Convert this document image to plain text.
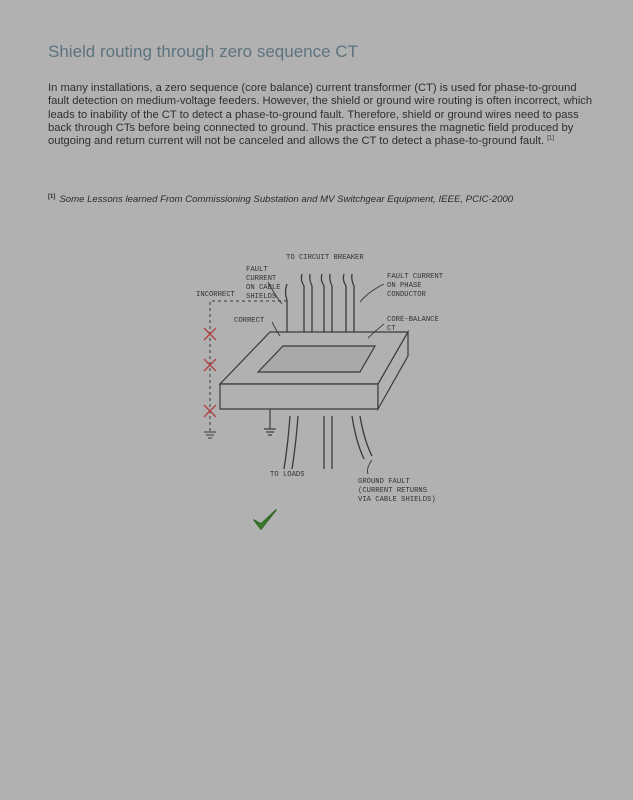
Shield routing through zero sequence CT

In many installations, a zero sequence (core balance) current transformer (CT) is used for phase-to-ground fault detection on medium-voltage feeders. However, the shield or ground wire routing is often incorrect, which leads to inability of the CT to detect a phase-to-ground fault. Therefore, shield or ground wires need to pass back through CTs before being connected to ground. This practice ensures the magnetic field produced by outgoing and return current will not be canceled and allows the CT to detect a phase-to-ground fault. [1]

[1] Some Lessons learned From Commissioning Substation and MV Switchgear Equipment, IEEE, PCIC-2000

TO CIRCUIT BREAKER
FAULT CURRENT ON CABLE SHIELDS
FAULT CURRENT ON PHASE CONDUCTOR
INCORRECT
CORRECT	CORE-BALANCE CT
TO LOADS
GROUND FAULT (CURRENT RETURNS VIA CABLE SHIELDS)
